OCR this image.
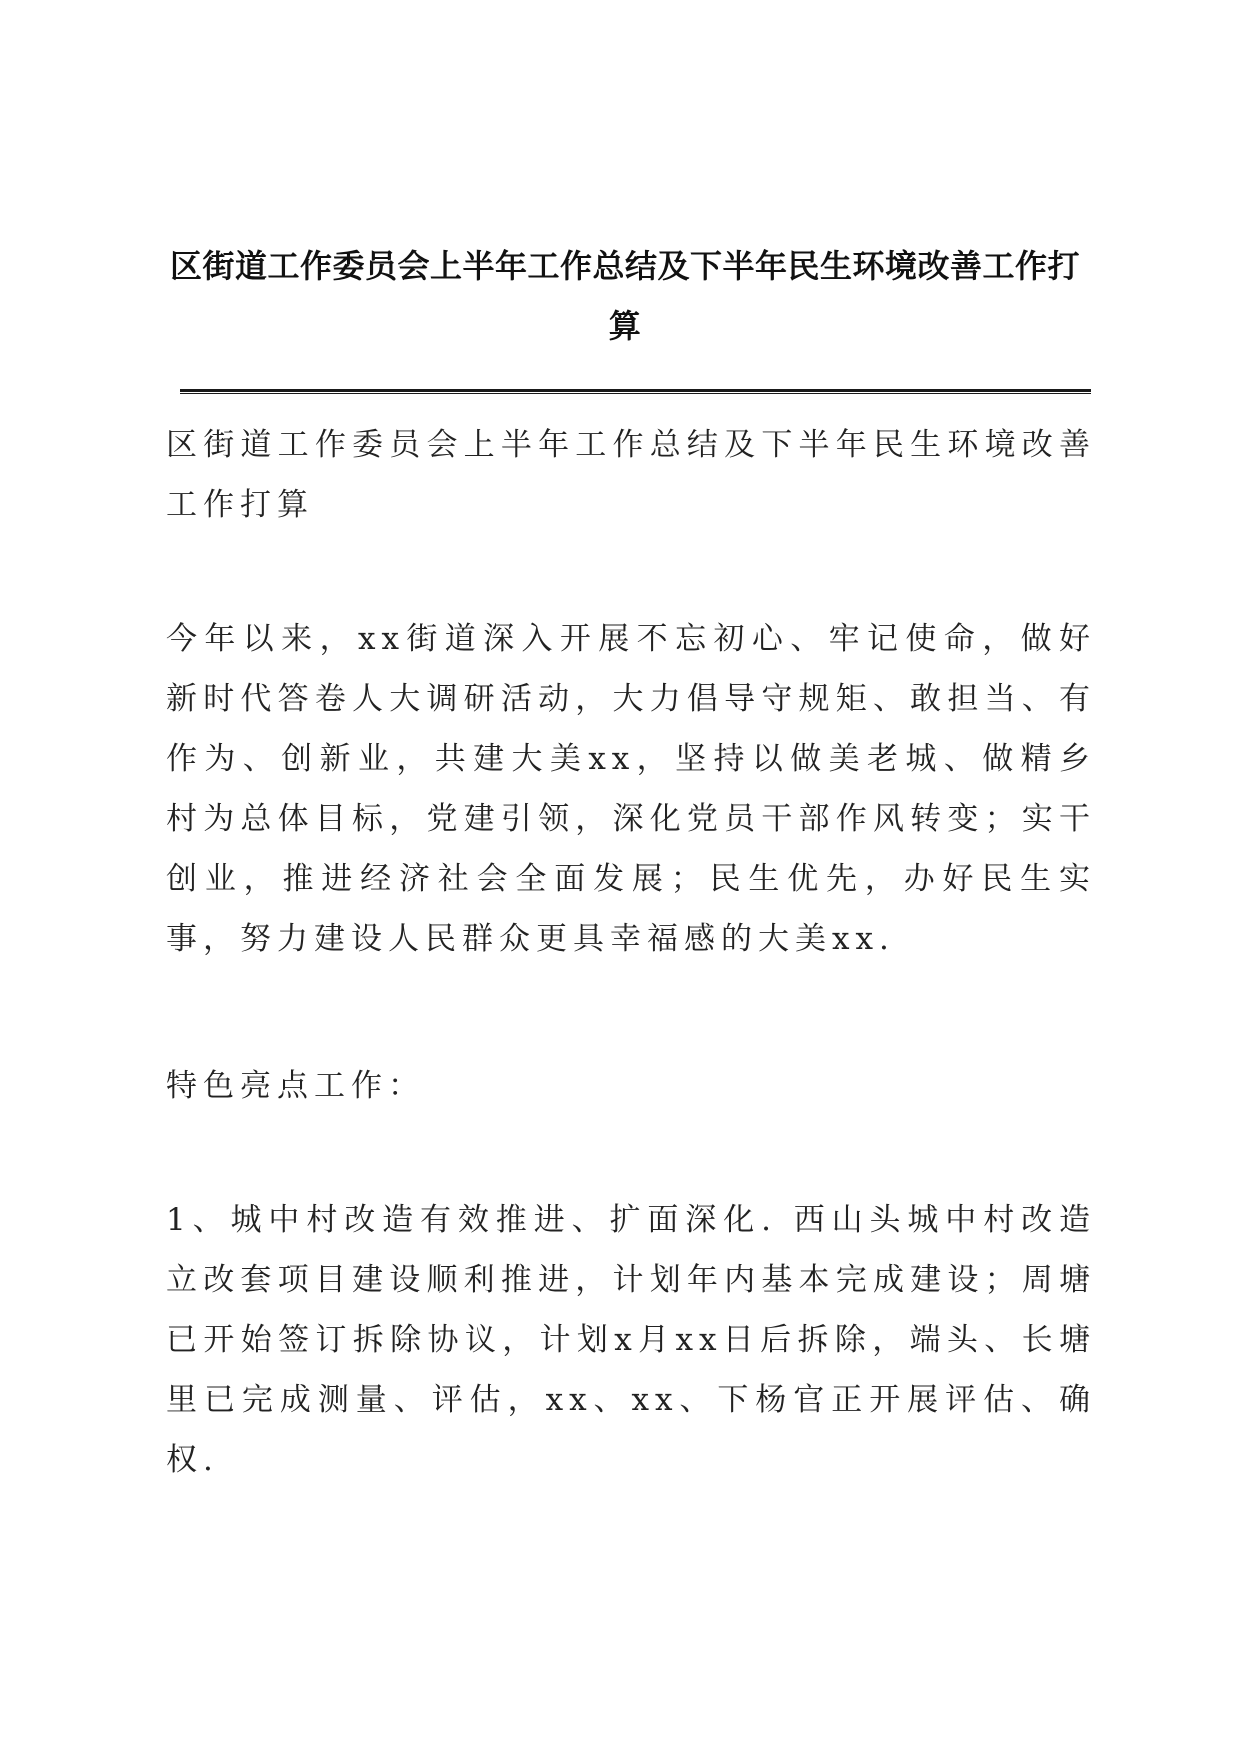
区街道工作委员会上半年工作总结及下半年民生环境改善工作打算

区街道工作委员会上半年工作总结及下半年民生环境改善工作打算

今年以来，xx街道深入开展不忘初心、牢记使命，做好新时代答卷人大调研活动，大力倡导守规矩、敢担当、有作为、创新业，共建大美xx，坚持以做美老城、做精乡村为总体目标，党建引领，深化党员干部作风转变；实干创业，推进经济社会全面发展；民生优先，办好民生实事，努力建设人民群众更具幸福感的大美xx.

特色亮点工作：

1、城中村改造有效推进、扩面深化. 西山头城中村改造立改套项目建设顺利推进，计划年内基本完成建设；周塘已开始签订拆除协议，计划x月xx日后拆除，端头、长塘里已完成测量、评估，xx、xx、下杨官正开展评估、确权.
